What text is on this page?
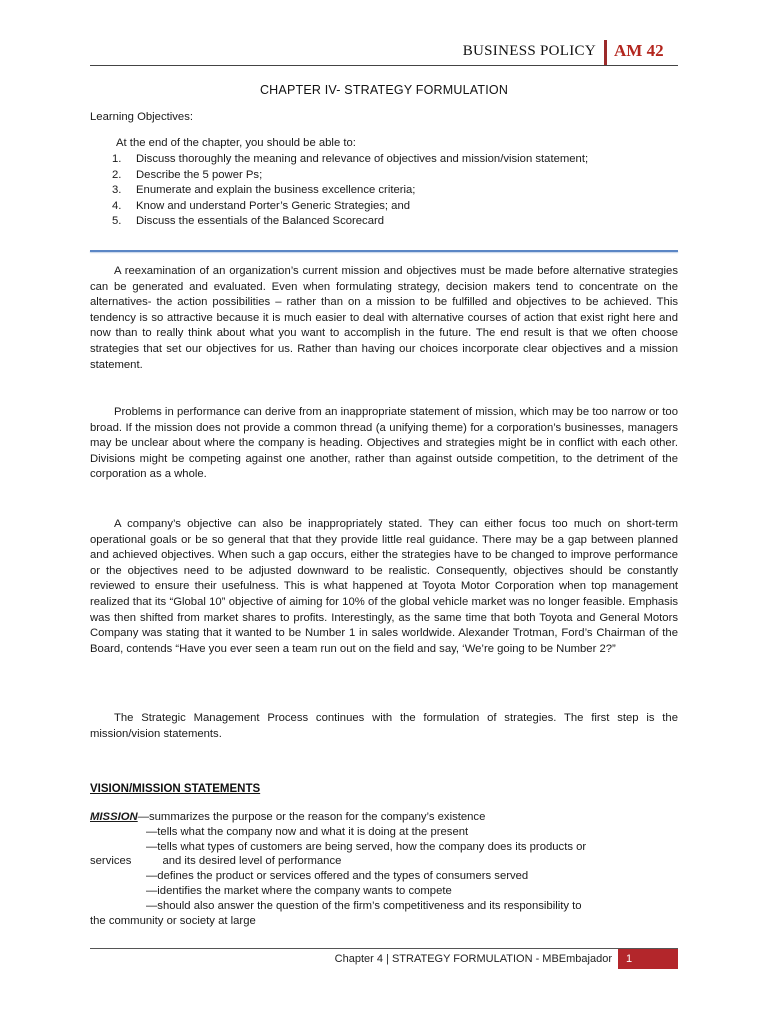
BUSINESS POLICY AM 42
CHAPTER IV- STRATEGY FORMULATION
Learning Objectives:
At the end of the chapter, you should be able to:
1. Discuss thoroughly the meaning and relevance of objectives and mission/vision statement;
2. Describe the 5 power Ps;
3. Enumerate and explain the business excellence criteria;
4. Know and understand Porter’s Generic Strategies; and
5. Discuss the essentials of the Balanced Scorecard

A reexamination of an organization’s current mission and objectives must be made before alternative strategies can be generated and evaluated. Even when formulating strategy, decision makers tend to concentrate on the alternatives- the action possibilities – rather than on a mission to be fulfilled and objectives to be achieved. This tendency is so attractive because it is much easier to deal with alternative courses of action that exist right here and now than to really think about what you want to accomplish in the future. The end result is that we often choose strategies that set our objectives for us. Rather than having our choices incorporate clear objectives and a mission statement.

Problems in performance can derive from an inappropriate statement of mission, which may be too narrow or too broad. If the mission does not provide a common thread (a unifying theme) for a corporation’s businesses, managers may be unclear about where the company is heading. Objectives and strategies might be in conflict with each other. Divisions might be competing against one another, rather than against outside competition, to the detriment of the corporation as a whole.

A company’s objective can also be inappropriately stated. They can either focus too much on short-term operational goals or be so general that that they provide little real guidance. There may be a gap between planned and achieved objectives. When such a gap occurs, either the strategies have to be changed to improve performance or the objectives need to be adjusted downward to be realistic. Consequently, objectives should be constantly reviewed to ensure their usefulness. This is what happened at Toyota Motor Corporation when top management realized that its “Global 10” objective of aiming for 10% of the global vehicle market was no longer feasible. Emphasis was then shifted from market shares to profits. Interestingly, as the same time that both Toyota and General Motors Company was stating that it wanted to be Number 1 in sales worldwide. Alexander Trotman, Ford’s Chairman of the Board, contends “Have you ever seen a team run out on the field and say, ‘We’re going to be Number 2?”

The Strategic Management Process continues with the formulation of strategies. The first step is the mission/vision statements.

VISION/MISSION STATEMENTS
MISSION—summarizes the purpose or the reason for the company’s existence
—tells what the company now and what it is doing at the present
—tells what types of customers are being served, how the company does its products or
services	and its desired level of performance
—defines the product or services offered and the types of consumers served
—identifies the market where the company wants to compete
—should also answer the question of the firm’s competitiveness and its responsibility to
the community or society at large
Chapter 4 | STRATEGY FORMULATION - MBEmbajador	1
